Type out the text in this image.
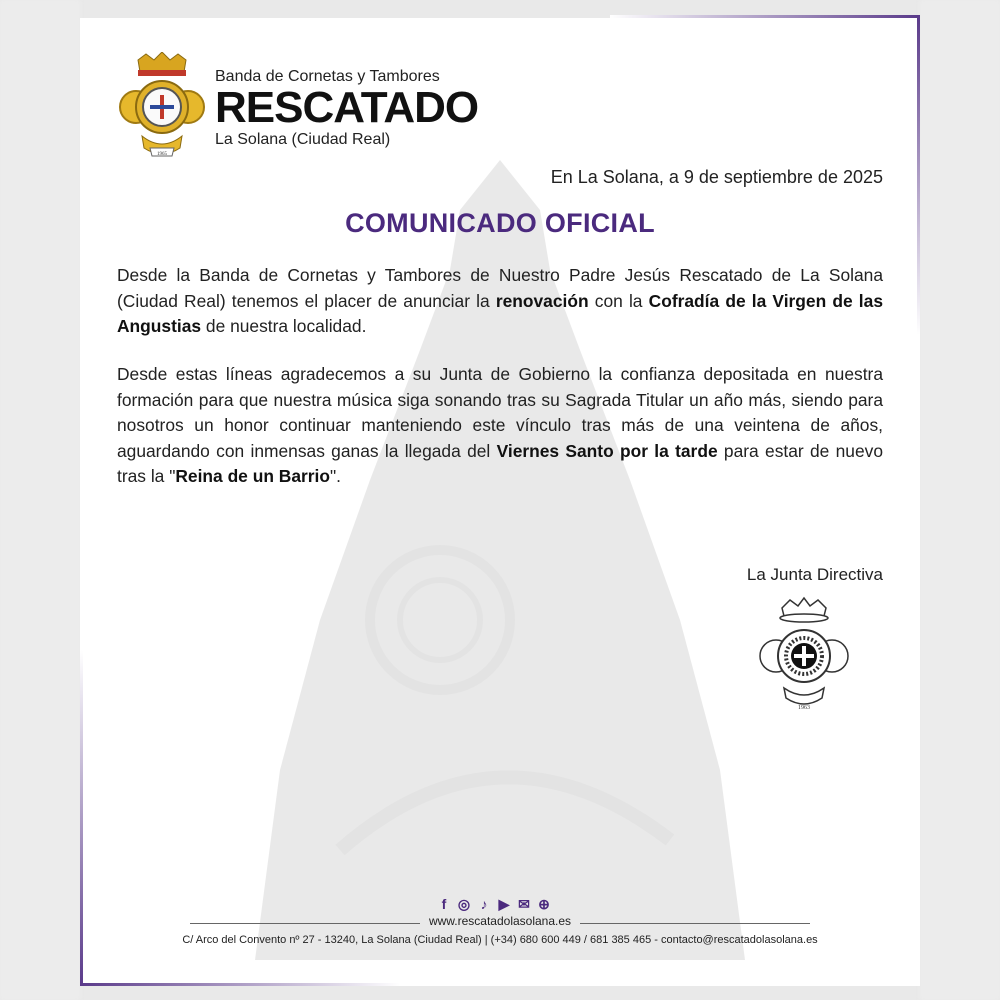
1965
Banda de Cornetas y Tambores
RESCATADO
La Solana (Ciudad Real)
En La Solana, a 9 de septiembre de 2025
COMUNICADO OFICIAL
Desde la Banda de Cornetas y Tambores de Nuestro Padre Jesús Rescatado de La Solana (Ciudad Real) tenemos el placer de anunciar la renovación con la Cofradía de la Virgen de las Angustias de nuestra localidad.
Desde estas líneas agradecemos a su Junta de Gobierno la confianza depositada en nuestra formación para que nuestra música siga sonando tras su Sagrada Titular un año más, siendo para nosotros un honor continuar manteniendo este vínculo tras más de una veintena de años, aguardando con inmensas ganas la llegada del Viernes Santo por la tarde para estar de nuevo tras la "Reina de un Barrio".
La Junta Directiva
1963
f ◎ ♪ ▶ ✉ ⊕
www.rescatadolasolana.es
C/ Arco del Convento nº 27 - 13240, La Solana (Ciudad Real) | (+34) 680 600 449 / 681 385 465 - contacto@rescatadolasolana.es
